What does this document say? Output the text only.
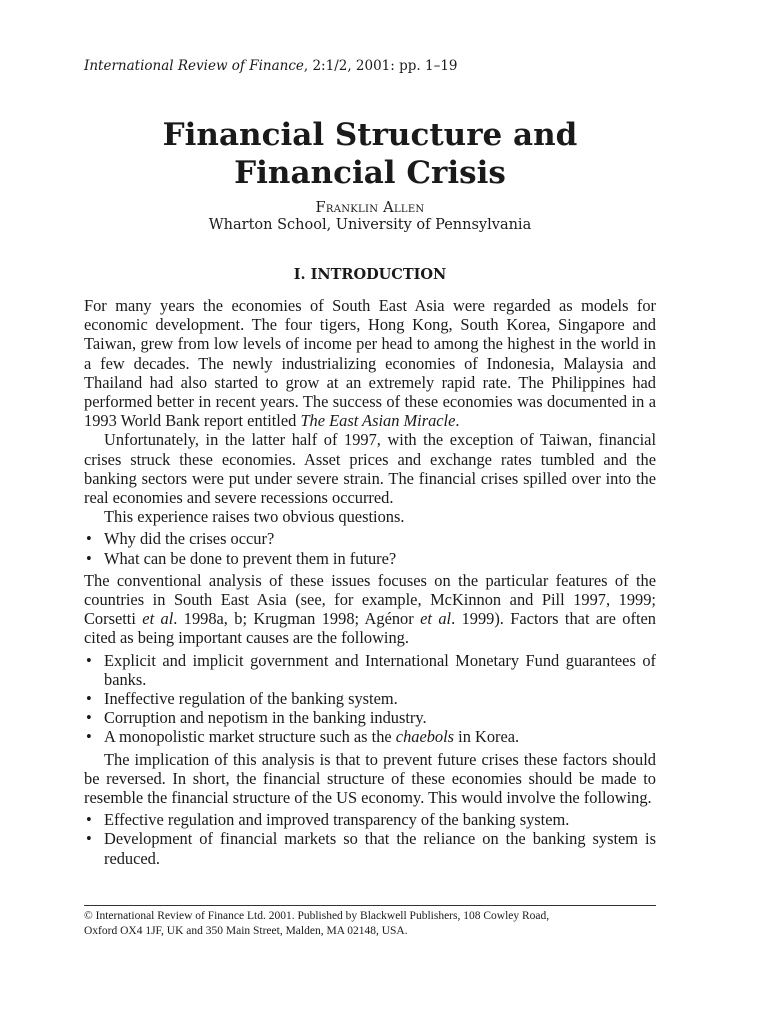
International Review of Finance, 2:1/2, 2001: pp. 1–19
Financial Structure and Financial Crisis
Franklin Allen
Wharton School, University of Pennsylvania
I. INTRODUCTION

For many years the economies of South East Asia were regarded as models for economic development. The four tigers, Hong Kong, South Korea, Singapore and Taiwan, grew from low levels of income per head to among the highest in the world in a few decades. The newly industrializing economies of Indonesia, Malaysia and Thailand had also started to grow at an extremely rapid rate. The Philippines had performed better in recent years. The success of these economies was documented in a 1993 World Bank report entitled The East Asian Miracle.

Unfortunately, in the latter half of 1997, with the exception of Taiwan, financial crises struck these economies. Asset prices and exchange rates tumbled and the banking sectors were put under severe strain. The financial crises spilled over into the real economies and severe recessions occurred.

This experience raises two obvious questions.

• Why did the crises occur?
• What can be done to prevent them in future?

The conventional analysis of these issues focuses on the particular features of the countries in South East Asia (see, for example, McKinnon and Pill 1997, 1999; Corsetti et al. 1998a, b; Krugman 1998; Agénor et al. 1999). Factors that are often cited as being important causes are the following.

• Explicit and implicit government and International Monetary Fund guarantees of banks.
• Ineffective regulation of the banking system.
• Corruption and nepotism in the banking industry.
• A monopolistic market structure such as the chaebols in Korea.

The implication of this analysis is that to prevent future crises these factors should be reversed. In short, the financial structure of these economies should be made to resemble the financial structure of the US economy. This would involve the following.

• Effective regulation and improved transparency of the banking system.
• Development of financial markets so that the reliance on the banking system is reduced.
© International Review of Finance Ltd. 2001. Published by Blackwell Publishers, 108 Cowley Road,
Oxford OX4 1JF, UK and 350 Main Street, Malden, MA 02148, USA.
